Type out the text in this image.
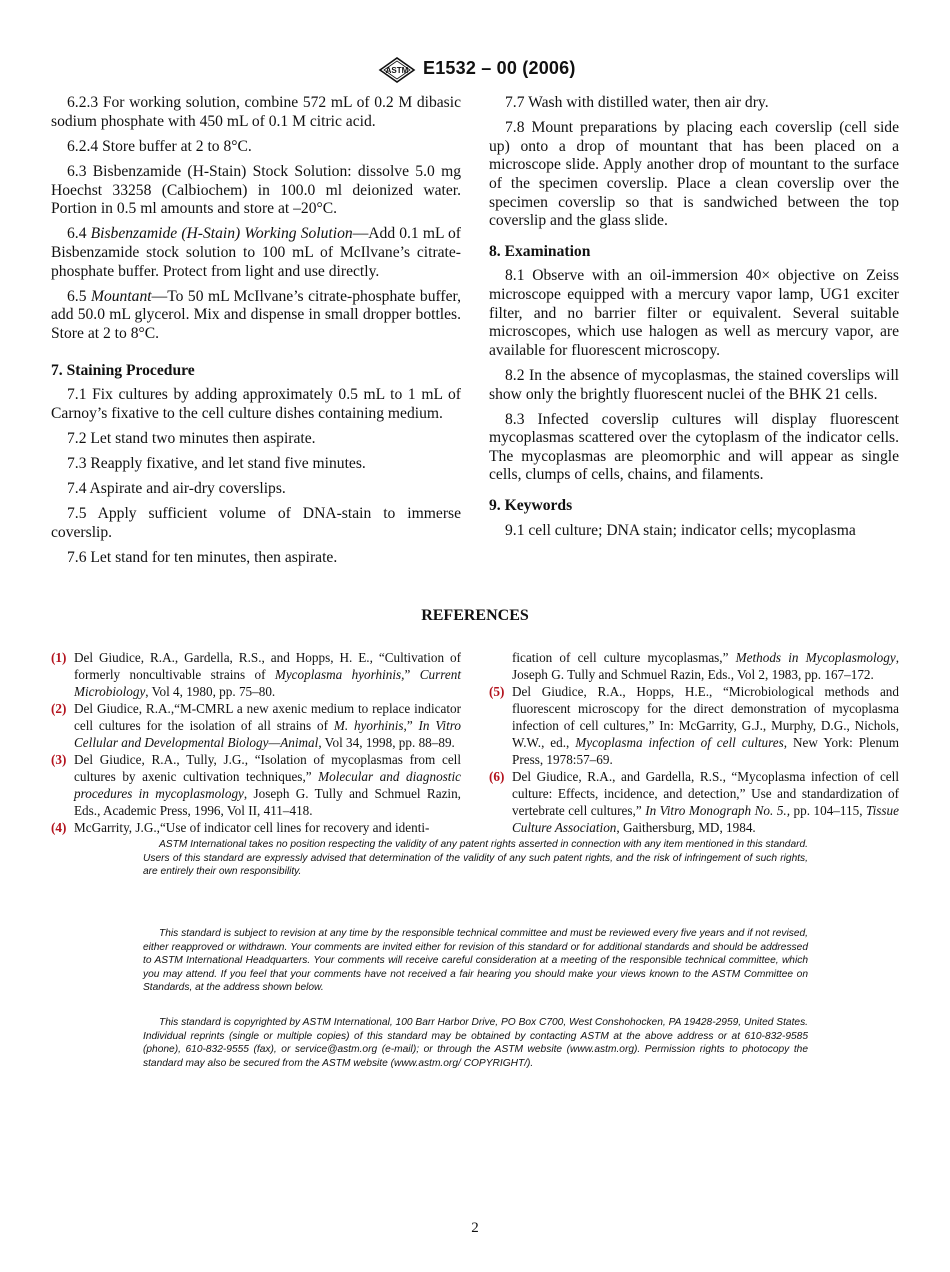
ASTM E1532 – 00 (2006)

6.2.3 For working solution, combine 572 mL of 0.2 M dibasic sodium phosphate with 450 mL of 0.1 M citric acid.

6.2.4 Store buffer at 2 to 8°C.

6.3 Bisbenzamide (H-Stain) Stock Solution: dissolve 5.0 mg Hoechst 33258 (Calbiochem) in 100.0 ml deionized water. Portion in 0.5 ml amounts and store at –20°C.

6.4 Bisbenzamide (H-Stain) Working Solution—Add 0.1 mL of Bisbenzamide stock solution to 100 mL of McIlvane’s citrate-phosphate buffer. Protect from light and use directly.

6.5 Mountant—To 50 mL McIlvane’s citrate-phosphate buffer, add 50.0 mL glycerol. Mix and dispense in small dropper bottles. Store at 2 to 8°C.

7. Staining Procedure

7.1 Fix cultures by adding approximately 0.5 mL to 1 mL of Carnoy’s fixative to the cell culture dishes containing medium.

7.2 Let stand two minutes then aspirate.

7.3 Reapply fixative, and let stand five minutes.

7.4 Aspirate and air-dry coverslips.

7.5 Apply sufficient volume of DNA-stain to immerse coverslip.

7.6 Let stand for ten minutes, then aspirate.

7.7 Wash with distilled water, then air dry.

7.8 Mount preparations by placing each coverslip (cell side up) onto a drop of mountant that has been placed on a microscope slide. Apply another drop of mountant to the surface of the specimen coverslip. Place a clean coverslip over the specimen coverslip so that is sandwiched between the top coverslip and the glass slide.

8. Examination

8.1 Observe with an oil-immersion 40× objective on Zeiss microscope equipped with a mercury vapor lamp, UG1 exciter filter, and no barrier filter or equivalent. Several suitable microscopes, which use halogen as well as mercury vapor, are available for fluorescent microscopy.

8.2 In the absence of mycoplasmas, the stained coverslips will show only the brightly fluorescent nuclei of the BHK 21 cells.

8.3 Infected coverslip cultures will display fluorescent mycoplasmas scattered over the cytoplasm of the indicator cells. The mycoplasmas are pleomorphic and will appear as single cells, clumps of cells, chains, and filaments.

9. Keywords

9.1 cell culture; DNA stain; indicator cells; mycoplasma

REFERENCES
(1) Del Giudice, R.A., Gardella, R.S., and Hopps, H. E., “Cultivation of formerly noncultivable strains of Mycoplasma hyorhinis,” Current Microbiology, Vol 4, 1980, pp. 75–80.
(2) Del Giudice, R.A.,“M-CMRL a new axenic medium to replace indicator cell cultures for the isolation of all strains of M. hyorhinis,” In Vitro Cellular and Developmental Biology—Animal, Vol 34, 1998, pp. 88–89.
(3) Del Giudice, R.A., Tully, J.G., “Isolation of mycoplasmas from cell cultures by axenic cultivation techniques,” Molecular and diagnostic procedures in mycoplasmology, Joseph G. Tully and Schmuel Razin, Eds., Academic Press, 1996, Vol II, 411–418.
(4) McGarrity, J.G.,“Use of indicator cell lines for recovery and identi-
fication of cell culture mycoplasmas,” Methods in Mycoplasmology, Joseph G. Tully and Schmuel Razin, Eds., Vol 2, 1983, pp. 167–172.
(5) Del Giudice, R.A., Hopps, H.E., “Microbiological methods and fluorescent microscopy for the direct demonstration of mycoplasma infection of cell cultures,” In: McGarrity, G.J., Murphy, D.G., Nichols, W.W., ed., Mycoplasma infection of cell cultures, New York: Plenum Press, 1978:57–69.
(6) Del Giudice, R.A., and Gardella, R.S., “Mycoplasma infection of cell culture: Effects, incidence, and detection,” Use and standardization of vertebrate cell cultures,” In Vitro Monograph No. 5., pp. 104–115, Tissue Culture Association, Gaithersburg, MD, 1984.

ASTM International takes no position respecting the validity of any patent rights asserted in connection with any item mentioned in this standard. Users of this standard are expressly advised that determination of the validity of any such patent rights, and the risk of infringement of such rights, are entirely their own responsibility.

This standard is subject to revision at any time by the responsible technical committee and must be reviewed every five years and if not revised, either reapproved or withdrawn. Your comments are invited either for revision of this standard or for additional standards and should be addressed to ASTM International Headquarters. Your comments will receive careful consideration at a meeting of the responsible technical committee, which you may attend. If you feel that your comments have not received a fair hearing you should make your views known to the ASTM Committee on Standards, at the address shown below.

This standard is copyrighted by ASTM International, 100 Barr Harbor Drive, PO Box C700, West Conshohocken, PA 19428-2959, United States. Individual reprints (single or multiple copies) of this standard may be obtained by contacting ASTM at the above address or at 610-832-9585 (phone), 610-832-9555 (fax), or service@astm.org (e-mail); or through the ASTM website (www.astm.org). Permission rights to photocopy the standard may also be secured from the ASTM website (www.astm.org/ COPYRIGHT/).

2
